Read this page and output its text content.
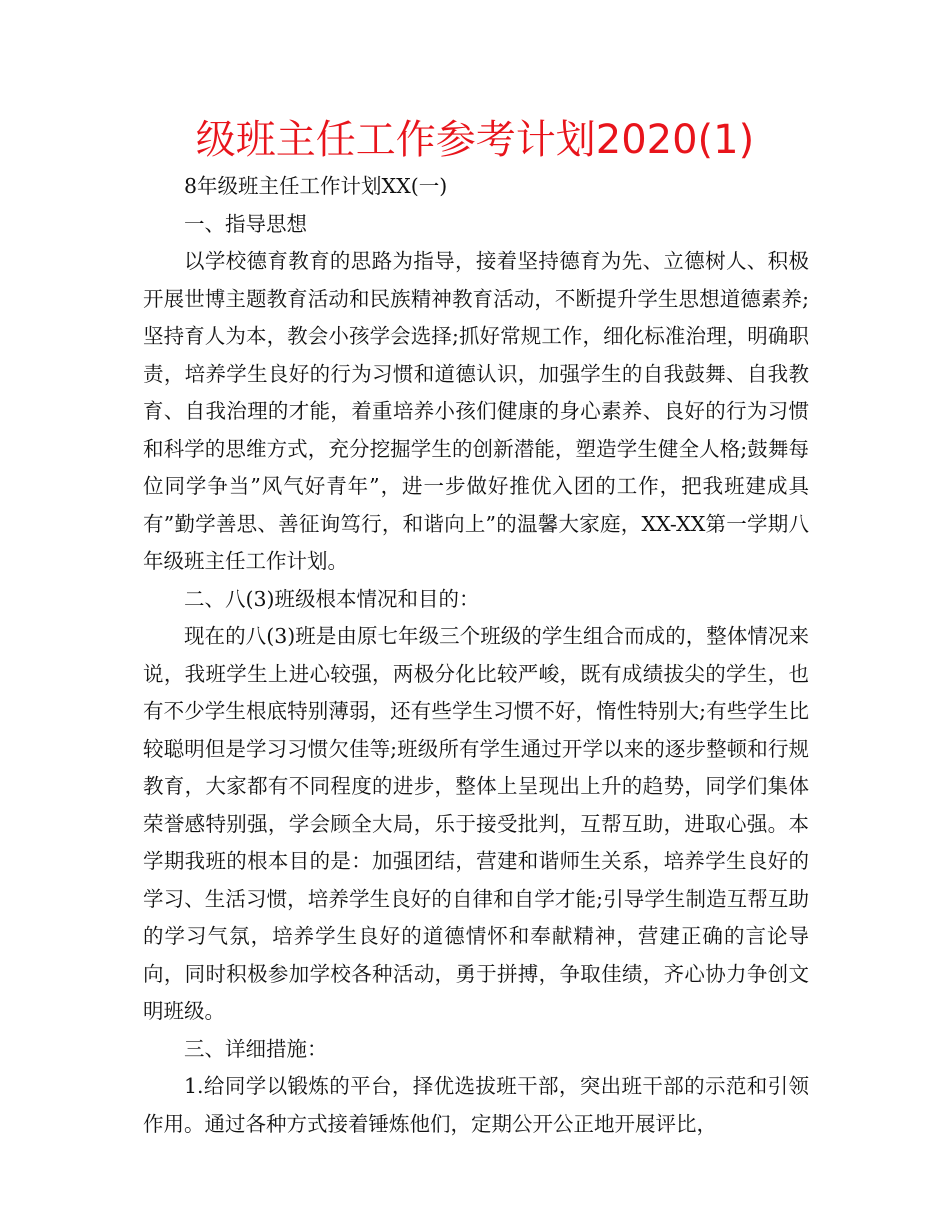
级班主任工作参考计划2020(1)

8年级班主任工作计划XX(一)

一、指导思想

以学校德育教育的思路为指导，接着坚持德育为先、立德树人、积极开展世博主题教育活动和民族精神教育活动，不断提升学生思想道德素养;坚持育人为本，教会小孩学会选择;抓好常规工作，细化标准治理，明确职责，培养学生良好的行为习惯和道德认识，加强学生的自我鼓舞、自我教育、自我治理的才能，着重培养小孩们健康的身心素养、良好的行为习惯和科学的思维方式，充分挖掘学生的创新潜能，塑造学生健全人格;鼓舞每位同学争当”风气好青年”，进一步做好推优入团的工作，把我班建成具有”勤学善思、善征询笃行，和谐向上”的温馨大家庭，XX-XX第一学期八年级班主任工作计划。

二、八(3)班级根本情况和目的：

现在的八(3)班是由原七年级三个班级的学生组合而成的，整体情况来说，我班学生上进心较强，两极分化比较严峻，既有成绩拔尖的学生，也有不少学生根底特别薄弱，还有些学生习惯不好，惰性特别大;有些学生比较聪明但是学习习惯欠佳等;班级所有学生通过开学以来的逐步整顿和行规教育，大家都有不同程度的进步，整体上呈现出上升的趋势，同学们集体荣誉感特别强，学会顾全大局，乐于接受批判，互帮互助，进取心强。本学期我班的根本目的是：加强团结，营建和谐师生关系，培养学生良好的学习、生活习惯，培养学生良好的自律和自学才能;引导学生制造互帮互助的学习气氛，培养学生良好的道德情怀和奉献精神，营建正确的言论导向，同时积极参加学校各种活动，勇于拼搏，争取佳绩，齐心协力争创文明班级。

三、详细措施：

1.给同学以锻炼的平台，择优选拔班干部，突出班干部的示范和引领作用。通过各种方式接着锤炼他们，定期公开公正地开展评比，
